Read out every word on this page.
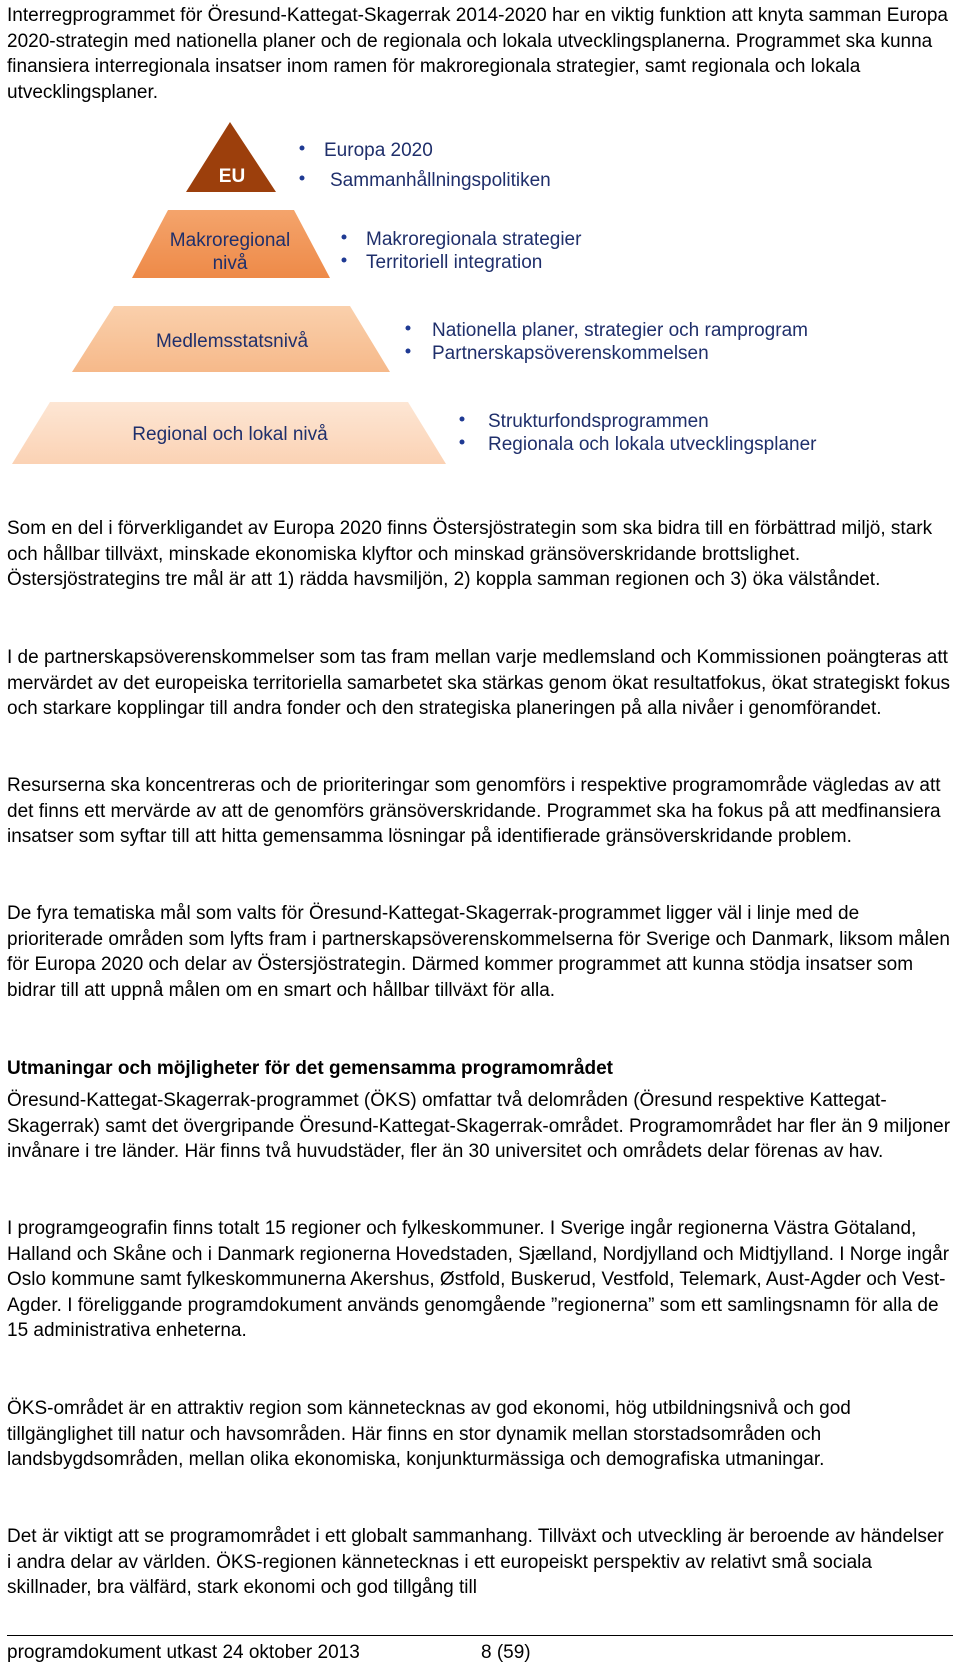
Interregprogrammet för Öresund-Kattegat-Skagerrak 2014-2020 har en viktig funktion att knyta samman Europa 2020-strategin med nationella planer och de regionala och lokala utvecklingsplanerna. Programmet ska kunna finansiera interregionala insatser inom ramen för makroregionala strategier, samt regionala och lokala utvecklingsplaner.

EU
Europa 2020
Sammanhållningspolitiken
Makroregional
nivå
Makroregionala strategier
Territoriell integration
Medlemsstatsnivå
Nationella planer, strategier och ramprogram
Partnerskapsöverenskommelsen
Regional och lokal nivå
Strukturfondsprogrammen
Regionala och lokala utvecklingsplaner

Som en del i förverkligandet av Europa 2020 finns Östersjöstrategin som ska bidra till en förbättrad miljö, stark och hållbar tillväxt, minskade ekonomiska klyftor och minskad gränsöverskridande brottslighet. Östersjöstrategins tre mål är att 1) rädda havsmiljön, 2) koppla samman regionen och 3) öka välståndet.

I de partnerskapsöverenskommelser som tas fram mellan varje medlemsland och Kommissionen poängteras att mervärdet av det europeiska territoriella samarbetet ska stärkas genom ökat resultatfokus, ökat strategiskt fokus och starkare kopplingar till andra fonder och den strategiska planeringen på alla nivåer i genomförandet.

Resurserna ska koncentreras och de prioriteringar som genomförs i respektive programområde vägledas av att det finns ett mervärde av att de genomförs gränsöverskridande. Programmet ska ha fokus på att medfinansiera insatser som syftar till att hitta gemensamma lösningar på identifierade gränsöverskridande problem.

De fyra tematiska mål som valts för Öresund-Kattegat-Skagerrak-programmet ligger väl i linje med de prioriterade områden som lyfts fram i partnerskapsöverenskommelserna för Sverige och Danmark, liksom målen för Europa 2020 och delar av Östersjöstrategin. Därmed kommer programmet att kunna stödja insatser som bidrar till att uppnå målen om en smart och hållbar tillväxt för alla.

Utmaningar och möjligheter för det gemensamma programområdet

Öresund-Kattegat-Skagerrak-programmet (ÖKS) omfattar två delområden (Öresund respektive Kattegat-Skagerrak) samt det övergripande Öresund-Kattegat-Skagerrak-området. Programområdet har fler än 9 miljoner invånare i tre länder. Här finns två huvudstäder, fler än 30 universitet och områdets delar förenas av hav.

I programgeografin finns totalt 15 regioner och fylkeskommuner. I Sverige ingår regionerna Västra Götaland, Halland och Skåne och i Danmark regionerna Hovedstaden, Sjælland, Nordjylland och Midtjylland. I Norge ingår Oslo kommune samt fylkeskommunerna Akershus, Østfold, Buskerud, Vestfold, Telemark, Aust-Agder och Vest-Agder. I föreliggande programdokument används genomgående ”regionerna” som ett samlingsnamn för alla de 15 administrativa enheterna.

ÖKS-området är en attraktiv region som kännetecknas av god ekonomi, hög utbildningsnivå och god tillgänglighet till natur och havsområden. Här finns en stor dynamik mellan storstadsområden och landsbygdsområden, mellan olika ekonomiska, konjunkturmässiga och demografiska utmaningar.

Det är viktigt att se programområdet i ett globalt sammanhang. Tillväxt och utveckling är beroende av händelser i andra delar av världen. ÖKS-regionen kännetecknas i ett europeiskt perspektiv av relativt små sociala skillnader, bra välfärd, stark ekonomi och god tillgång till

programdokument utkast 24 oktober 2013	8 (59)
